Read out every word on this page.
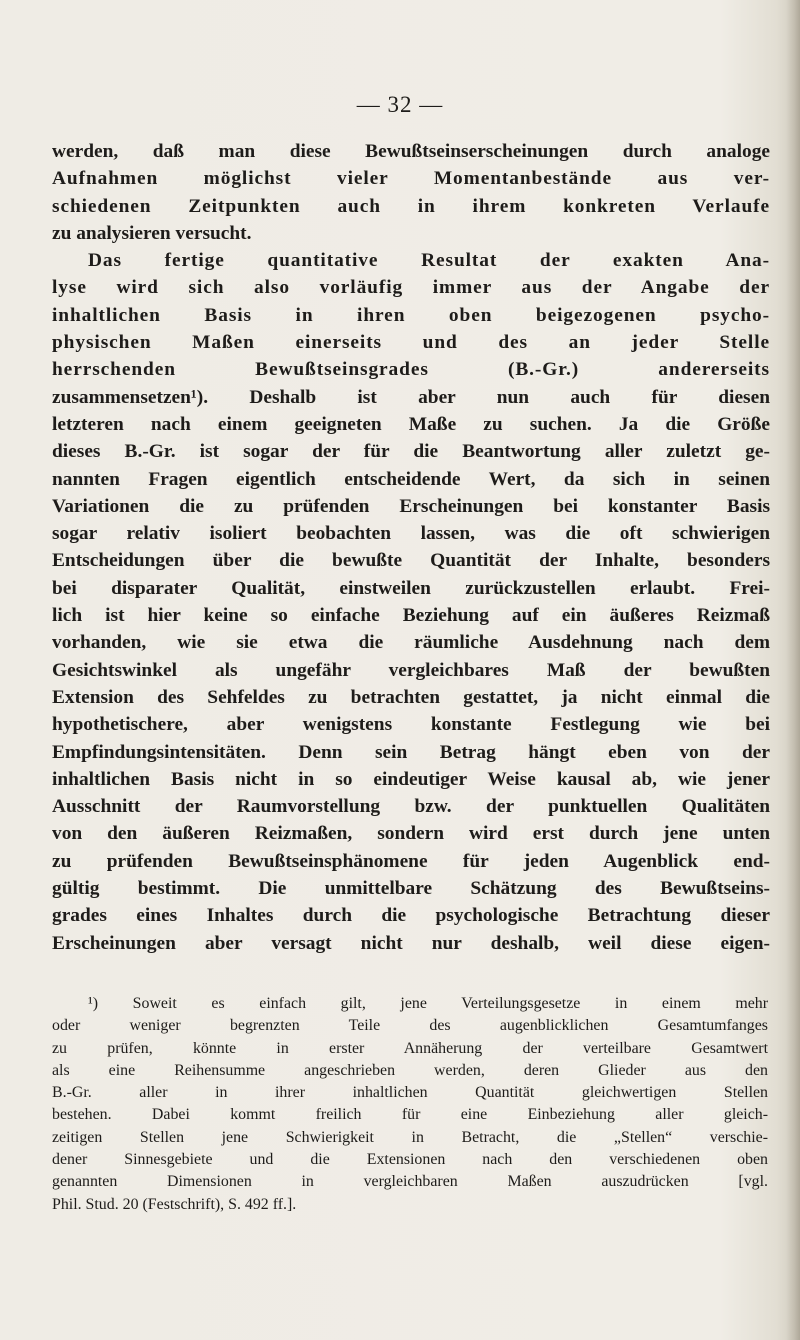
— 32 —
werden, daß man diese Bewußtseinserscheinungen durch analoge
Aufnahmen möglichst vieler Momentanbestände aus ver-
schiedenen Zeitpunkten auch in ihrem konkreten Verlaufe
zu analysieren versucht.
Das fertige quantitative Resultat der exakten Ana-
lyse wird sich also vorläufig immer aus der Angabe der
inhaltlichen Basis in ihren oben beigezogenen psycho-
physischen Maßen einerseits und des an jeder Stelle
herrschenden Bewußtseinsgrades (B.-Gr.) andererseits
zusammensetzen¹). Deshalb ist aber nun auch für diesen
letzteren nach einem geeigneten Maße zu suchen. Ja die Größe
dieses B.-Gr. ist sogar der für die Beantwortung aller zuletzt ge-
nannten Fragen eigentlich entscheidende Wert, da sich in seinen
Variationen die zu prüfenden Erscheinungen bei konstanter Basis
sogar relativ isoliert beobachten lassen, was die oft schwierigen
Entscheidungen über die bewußte Quantität der Inhalte, besonders
bei disparater Qualität, einstweilen zurückzustellen erlaubt. Frei-
lich ist hier keine so einfache Beziehung auf ein äußeres Reizmaß
vorhanden, wie sie etwa die räumliche Ausdehnung nach dem
Gesichtswinkel als ungefähr vergleichbares Maß der bewußten
Extension des Sehfeldes zu betrachten gestattet, ja nicht einmal die
hypothetischere, aber wenigstens konstante Festlegung wie bei
Empfindungsintensitäten. Denn sein Betrag hängt eben von der
inhaltlichen Basis nicht in so eindeutiger Weise kausal ab, wie jener
Ausschnitt der Raumvorstellung bzw. der punktuellen Qualitäten
von den äußeren Reizmaßen, sondern wird erst durch jene unten
zu prüfenden Bewußtseinsphänomene für jeden Augenblick end-
gültig bestimmt. Die unmittelbare Schätzung des Bewußtseins-
grades eines Inhaltes durch die psychologische Betrachtung dieser
Erscheinungen aber versagt nicht nur deshalb, weil diese eigen-
¹) Soweit es einfach gilt, jene Verteilungsgesetze in einem mehr
oder weniger begrenzten Teile des augenblicklichen Gesamtumfanges
zu prüfen, könnte in erster Annäherung der verteilbare Gesamtwert
als eine Reihensumme angeschrieben werden, deren Glieder aus den
B.-Gr. aller in ihrer inhaltlichen Quantität gleichwertigen Stellen
bestehen. Dabei kommt freilich für eine Einbeziehung aller gleich-
zeitigen Stellen jene Schwierigkeit in Betracht, die „Stellen“ verschie-
dener Sinnesgebiete und die Extensionen nach den verschiedenen oben
genannten Dimensionen in vergleichbaren Maßen auszudrücken [vgl.
Phil. Stud. 20 (Festschrift), S. 492 ff.].
